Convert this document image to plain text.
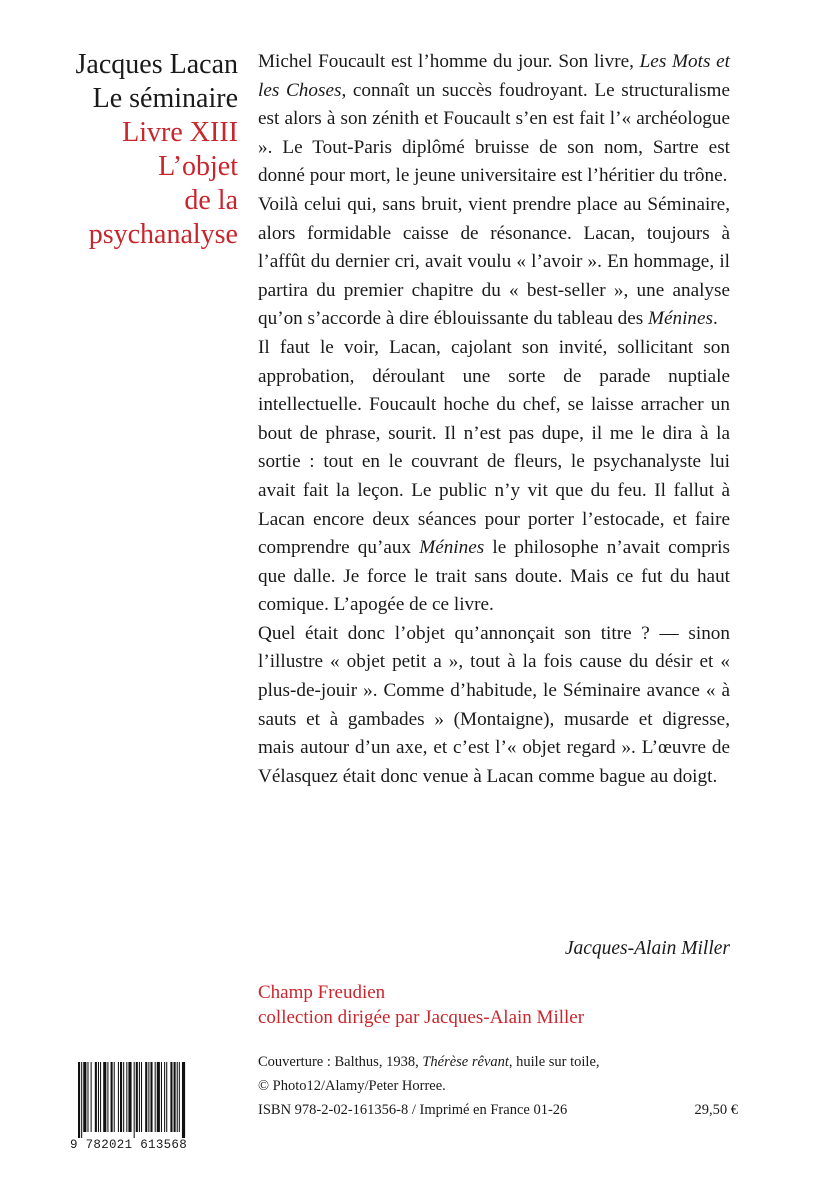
Jacques Lacan
Le séminaire
Livre XIII
L’objet
de la
psychanalyse

Michel Foucault est l’homme du jour. Son livre, Les Mots et les Choses, connaît un succès foudroyant. Le structuralisme est alors à son zénith et Foucault s’en est fait l’« archéologue ». Le Tout-Paris diplômé bruisse de son nom, Sartre est donné pour mort, le jeune universitaire est l’héritier du trône.

Voilà celui qui, sans bruit, vient prendre place au Séminaire, alors formidable caisse de résonance. Lacan, toujours à l’affût du dernier cri, avait voulu « l’avoir ». En hommage, il partira du premier chapitre du « best-seller », une analyse qu’on s’accorde à dire éblouissante du tableau des Ménines.

Il faut le voir, Lacan, cajolant son invité, sollicitant son approbation, déroulant une sorte de parade nuptiale intellectuelle. Foucault hoche du chef, se laisse arracher un bout de phrase, sourit. Il n’est pas dupe, il me le dira à la sortie : tout en le couvrant de fleurs, le psychanalyste lui avait fait la leçon. Le public n’y vit que du feu. Il fallut à Lacan encore deux séances pour porter l’estocade, et faire comprendre qu’aux Ménines le philosophe n’avait compris que dalle. Je force le trait sans doute. Mais ce fut du haut comique. L’apogée de ce livre.

Quel était donc l’objet qu’annonçait son titre ? — sinon l’illustre « objet petit a », tout à la fois cause du désir et « plus-de-jouir ». Comme d’habitude, le Séminaire avance « à sauts et à gambades » (Montaigne), musarde et digresse, mais autour d’un axe, et c’est l’« objet regard ». L’œuvre de Vélasquez était donc venue à Lacan comme bague au doigt.

Jacques-Alain Miller
Champ Freudien
collection dirigée par Jacques-Alain Miller
Couverture : Balthus, 1938, Thérèse rêvant, huile sur toile,
© Photo12/Alamy/Peter Horree.
ISBN 978-2-02-161356-8 / Imprimé en France 01-26	29,50 €
9 782021 613568
